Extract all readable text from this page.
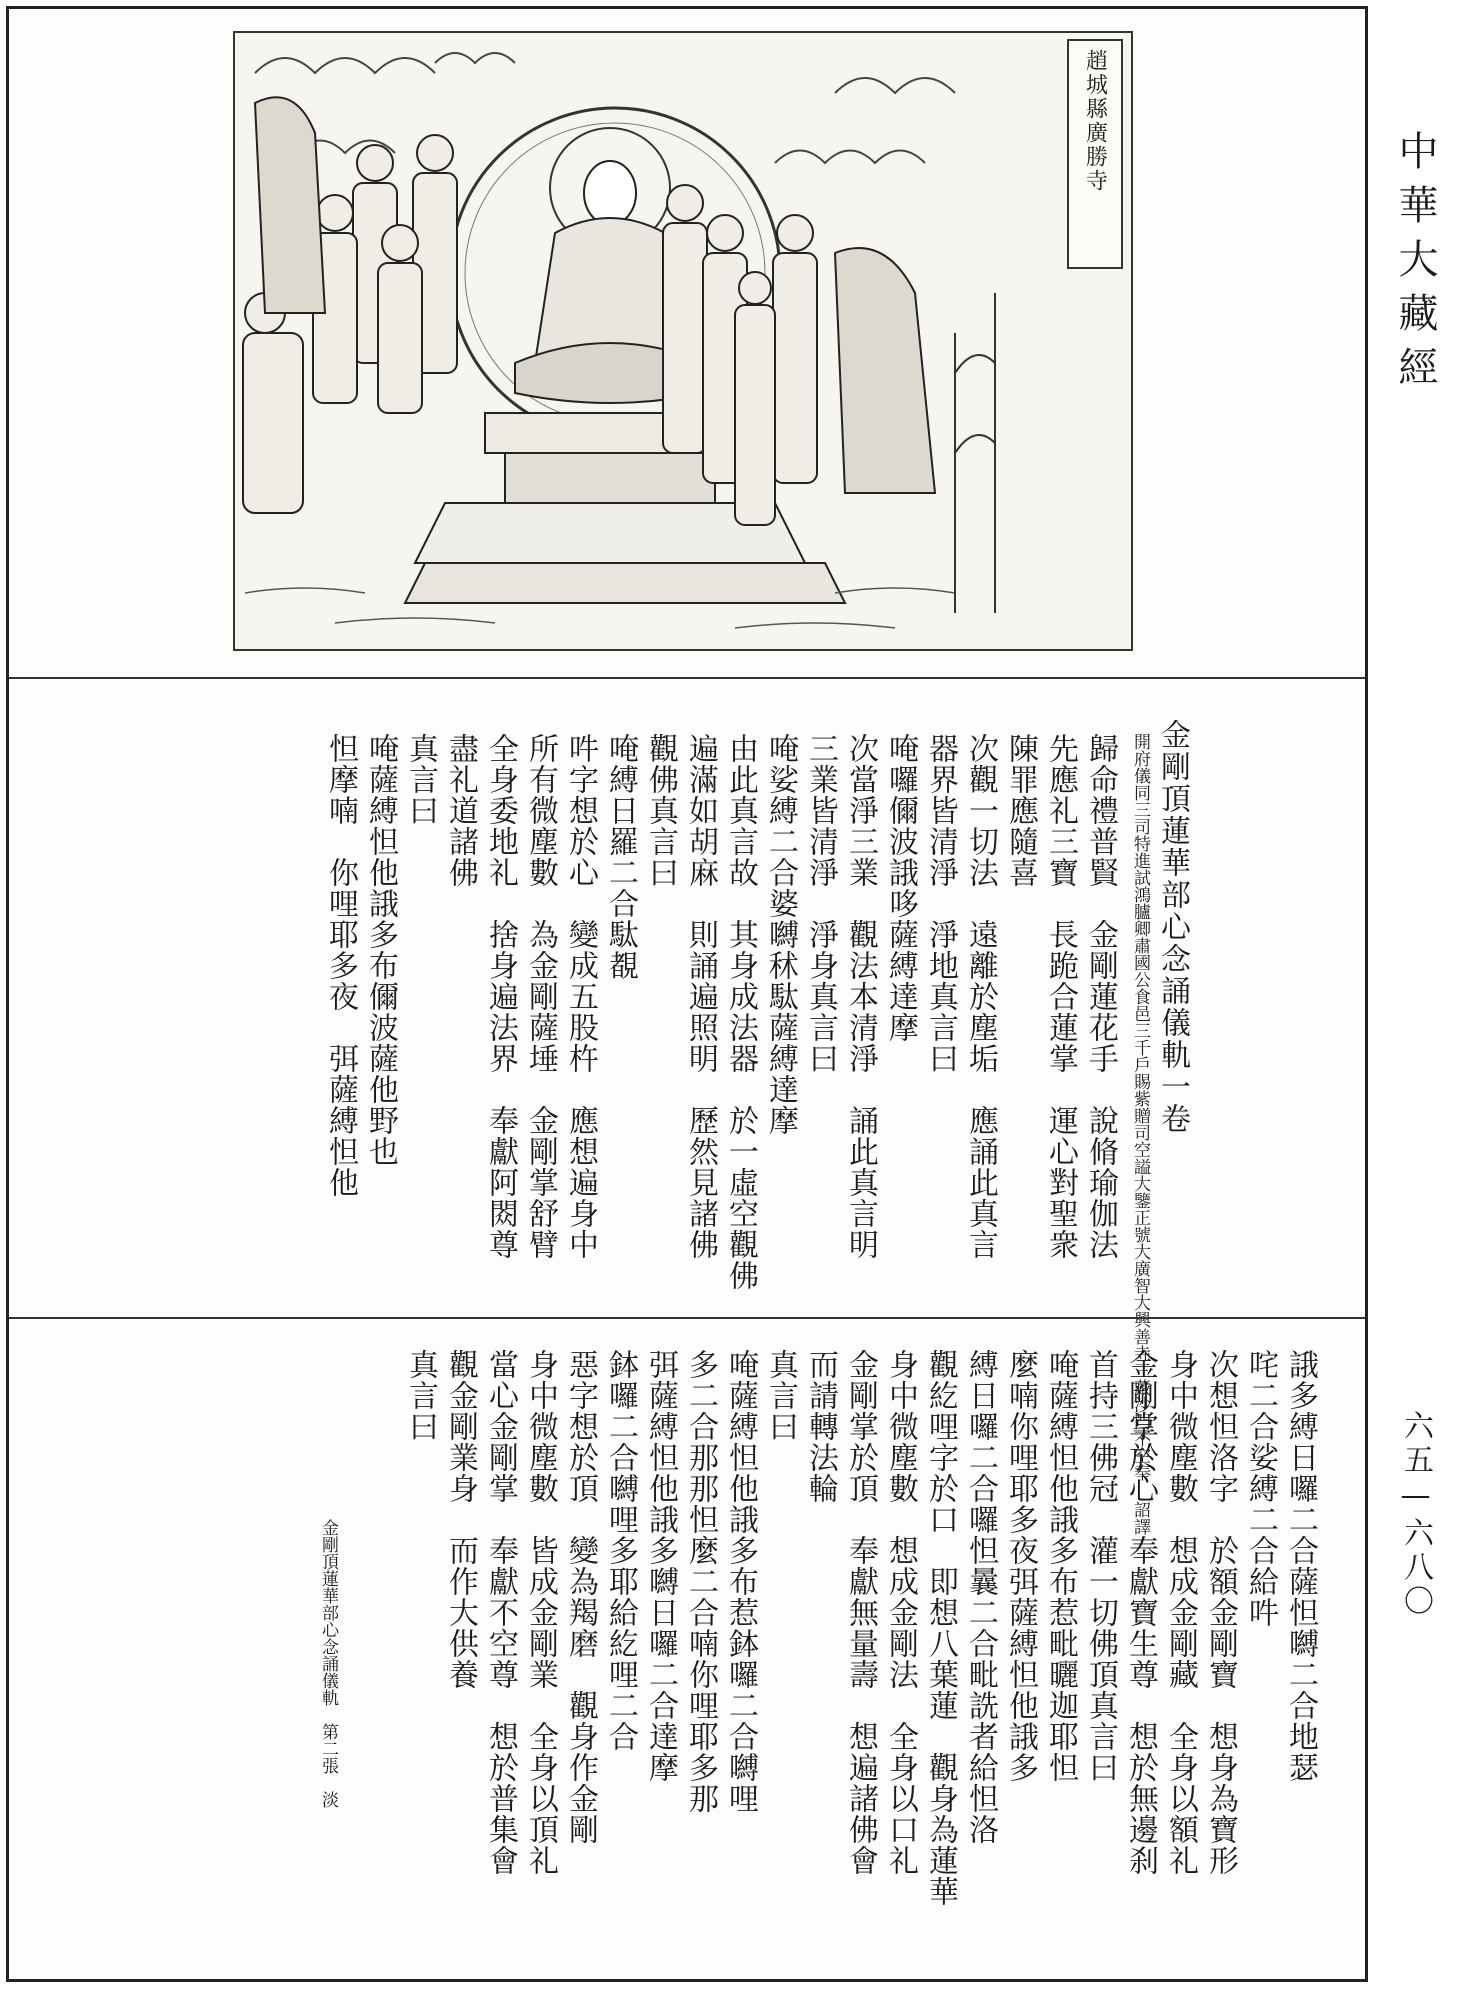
趙城縣廣勝寺
金剛頂蓮華部心念誦儀軌一卷
開府儀同三司特進試鴻臚卿肅國公食邑三千戶賜紫贈司空謚大鑒正號大廣智大興善寺三藏沙門不空奉 詔譯
歸命禮普賢　金剛蓮花手　說脩瑜伽法
先應礼三寶　長跪合蓮掌　運心對聖衆
陳罪應隨喜
次觀一切法　遠離於塵垢　應誦此真言
器界皆清淨　淨地真言曰
唵囉儞波誐哆薩縛達摩
次當淨三業　觀法本清淨　誦此真言明
三業皆清淨　淨身真言曰
唵娑縛二合婆嚩秫駄薩縛達摩
由此真言故　其身成法器　於一虛空觀佛
遍滿如胡麻　則誦遍照明　歷然見諸佛
觀佛真言曰
唵縛日羅二合駄覩
吽字想於心　變成五股杵　應想遍身中
所有微塵數　為金剛薩埵　金剛掌舒臂
全身委地礼　捨身遍法界　奉獻阿閦尊
盡礼道諸佛
真言曰
唵薩縛怛他誐多布儞波薩他野也
怛摩喃　你哩耶多夜　弭薩縛怛他
誐多縛日囉二合薩怛嚩二合地瑟
咤二合娑縛二合給吽
次想怛洛字　於額金剛寶　想身為寶形
身中微塵數　想成金剛藏　全身以額礼
金剛掌於心　奉獻寶生尊　想於無邊刹
首持三佛冠　灌一切佛頂真言曰
唵薩縛怛他誐多布惹毗曬迦耶怛
麼喃你哩耶多夜弭薩縛怛他誐多
縛日囉二合囉怛曩二合毗詵者給怛洛
觀紇哩字於口　即想八葉蓮　觀身為蓮華
身中微塵數　想成金剛法　全身以口礼
金剛掌於頂　奉獻無量壽　想遍諸佛會
而請轉法輪
真言曰
唵薩縛怛他誐多布惹鉢囉二合嚩哩
多二合那那怛麼二合喃你哩耶多那
弭薩縛怛他誐多嚩日囉二合達摩
鉢囉二合嚩哩多耶給紇哩二合
惡字想於頂　變為羯磨　觀身作金剛
身中微塵數　皆成金剛業　全身以頂礼
當心金剛掌　奉獻不空尊　想於普集會
觀金剛業身　而作大供養
真言曰
金剛頂蓮華部心念誦儀軌　第二張　淡
中華大藏經
六五—六八〇
